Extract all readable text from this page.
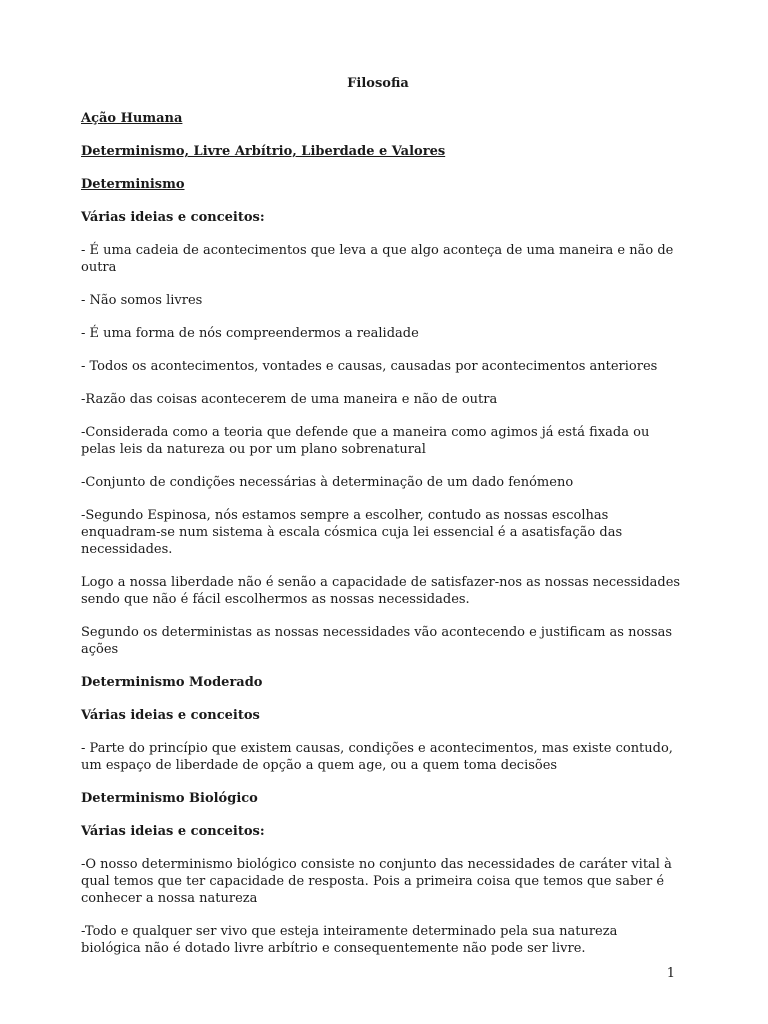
Filosofia

Ação Humana

Determinismo, Livre Arbítrio, Liberdade e Valores

Determinismo

Várias ideias e conceitos:

- É uma cadeia de acontecimentos que leva a que algo aconteça de uma maneira e não de outra

- Não somos livres

- É uma forma de nós compreendermos a realidade

- Todos os acontecimentos, vontades e causas, causadas por acontecimentos anteriores

-Razão das coisas acontecerem de uma maneira e não de outra

-Considerada como a teoria que defende que a maneira como agimos já está fixada ou pelas leis da natureza ou por um plano sobrenatural

-Conjunto de condições necessárias à determinação de um dado fenómeno

-Segundo Espinosa, nós estamos sempre a escolher, contudo as nossas escolhas enquadram-se num sistema à escala cósmica cuja lei essencial é a asatisfação das necessidades.

Logo a nossa liberdade não é senão a capacidade de satisfazer-nos as nossas necessidades sendo que não é fácil escolhermos as nossas necessidades.

Segundo os deterministas as nossas necessidades vão acontecendo e justificam as nossas ações

Determinismo Moderado

Várias ideias e conceitos

- Parte do princípio que existem causas, condições e acontecimentos, mas existe contudo, um espaço de liberdade de opção a quem age, ou a quem toma decisões

Determinismo Biológico

Várias ideias e conceitos:

-O nosso determinismo biológico consiste no conjunto das necessidades de caráter vital à qual temos que ter capacidade de resposta. Pois a primeira coisa que temos que saber é conhecer a nossa natureza

-Todo e qualquer ser vivo que esteja inteiramente determinado pela sua natureza biológica não é dotado livre arbítrio e consequentemente não pode ser livre.

1
